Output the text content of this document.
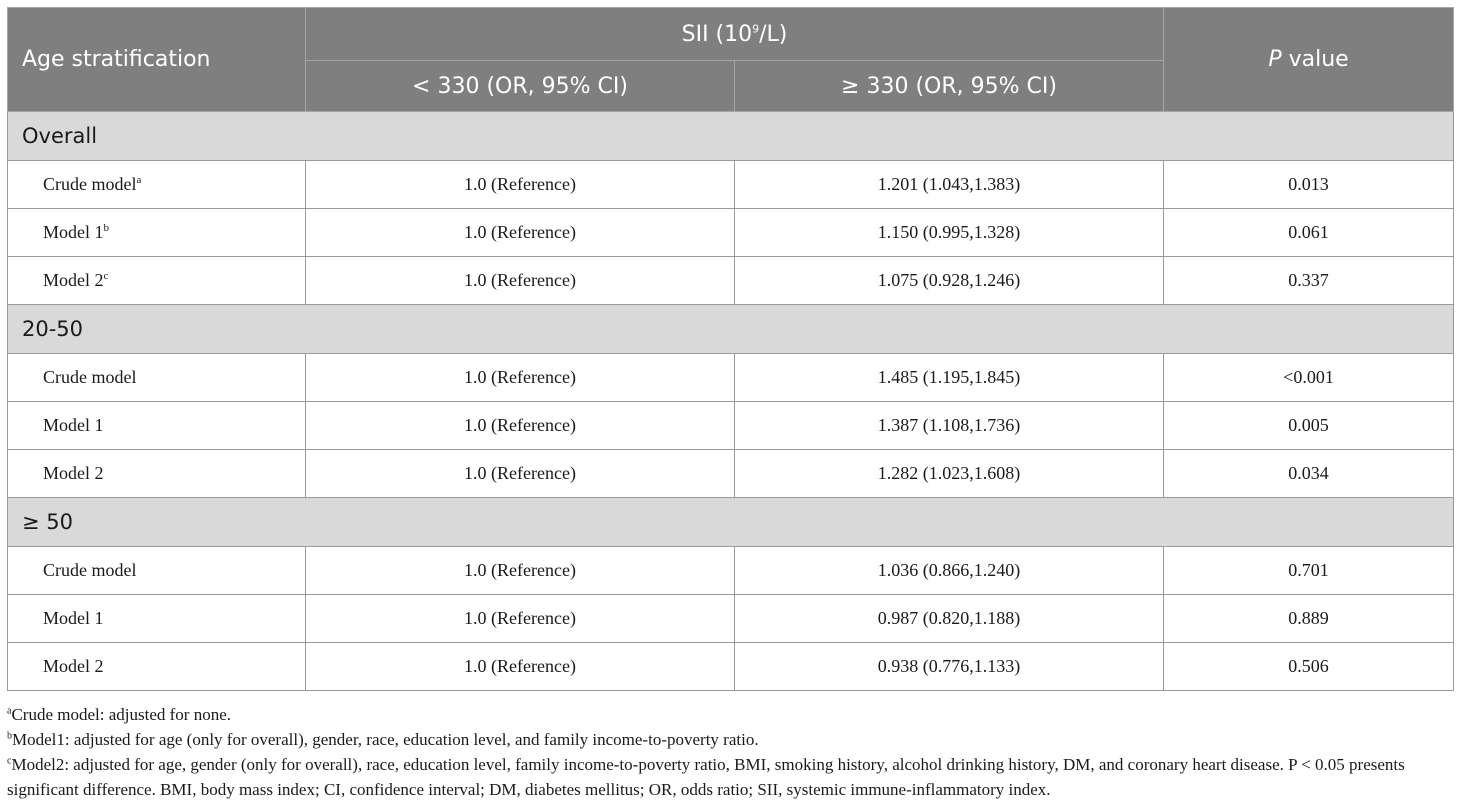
Age stratification	SII $(10^9/L)$		P value
	< 330 (OR, 95% CI)	≥ 330 (OR, 95% CI)	
Overall			
Crude model$^a$	1.0 (Reference)	1.201 (1.043,1.383)	0.013
Model 1$^b$	1.0 (Reference)	1.150 (0.995,1.328)	0.061
Model 2$^c$	1.0 (Reference)	1.075 (0.928,1.246)	0.337
20-50			
Crude model	1.0 (Reference)	1.485 (1.195,1.845)	<0.001
Model 1	1.0 (Reference)	1.387 (1.108,1.736)	0.005
Model 2	1.0 (Reference)	1.282 (1.023,1.608)	0.034
≥ 50			
Crude model	1.0 (Reference)	1.036 (0.866,1.240)	0.701
Model 1	1.0 (Reference)	0.987 (0.820,1.188)	0.889
Model 2	1.0 (Reference)	0.938 (0.776,1.133)	0.506

$^a$Crude model: adjusted for none.

$^b$Model1: adjusted for age (only for overall), gender, race, education level, and family income-to-poverty ratio.

$^c$Model2: adjusted for age, gender (only for overall), race, education level, family income-to-poverty ratio, BMI, smoking history, alcohol drinking history, DM, and coronary heart disease. P < 0.05 presents significant difference. BMI, body mass index; CI, confidence interval; DM, diabetes mellitus; OR, odds ratio; SII, systemic immune-inflammatory index.
